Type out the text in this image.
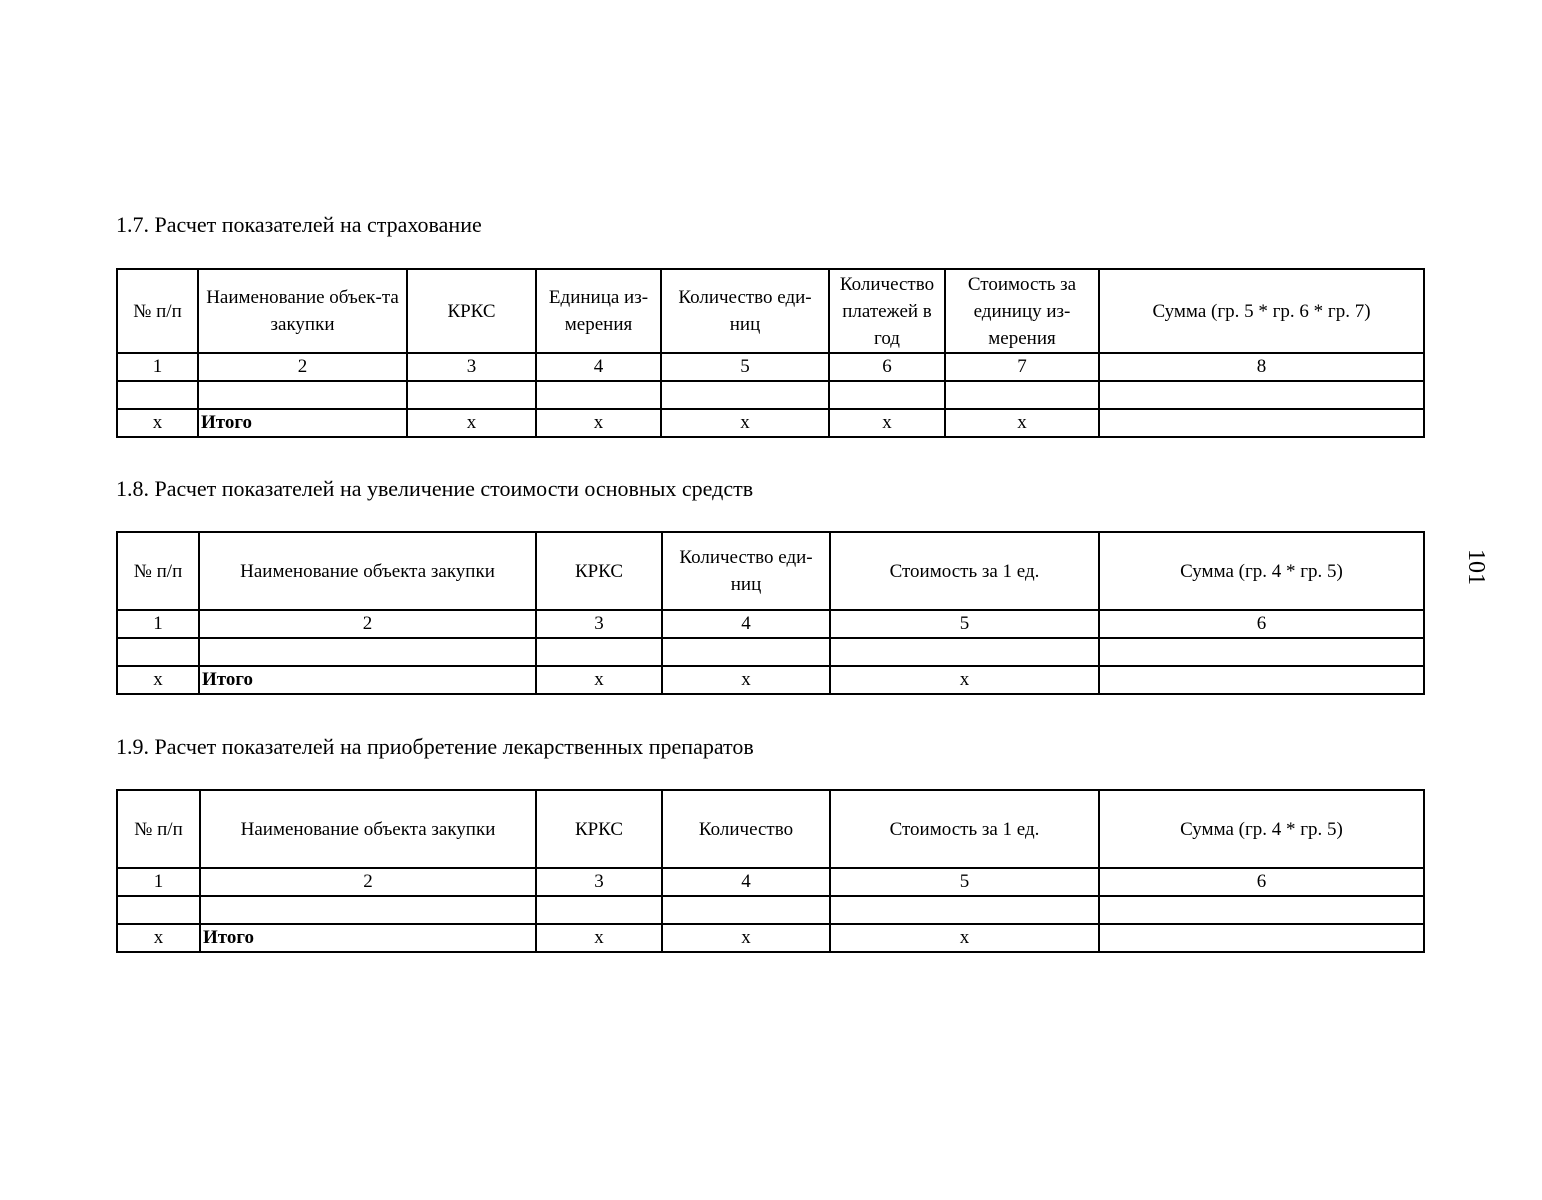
1.7. Расчет показателей на страхование
№ п/п	Наименование объек-та закупки	КРКС	Единица из-мерения	Количество еди-ниц	Количество платежей в год	Стоимость за единицу из-мерения	Сумма (гр. 5 * гр. 6 * гр. 7)
1	2	3	4	5	6	7	8

х	Итого	х	х	х	х	х	
1.8. Расчет показателей на увеличение стоимости основных средств
№ п/п	Наименование объекта закупки	КРКС	Количество еди-ниц	Стоимость за 1 ед.	Сумма (гр. 4 * гр. 5)
1	2	3	4	5	6

х	Итого	х	х	х	
1.9. Расчет показателей на приобретение лекарственных препаратов
№ п/п	Наименование объекта закупки	КРКС	Количество	Стоимость за 1 ед.	Сумма (гр. 4 * гр. 5)
1	2	3	4	5	6

х	Итого	х	х	х	
101
